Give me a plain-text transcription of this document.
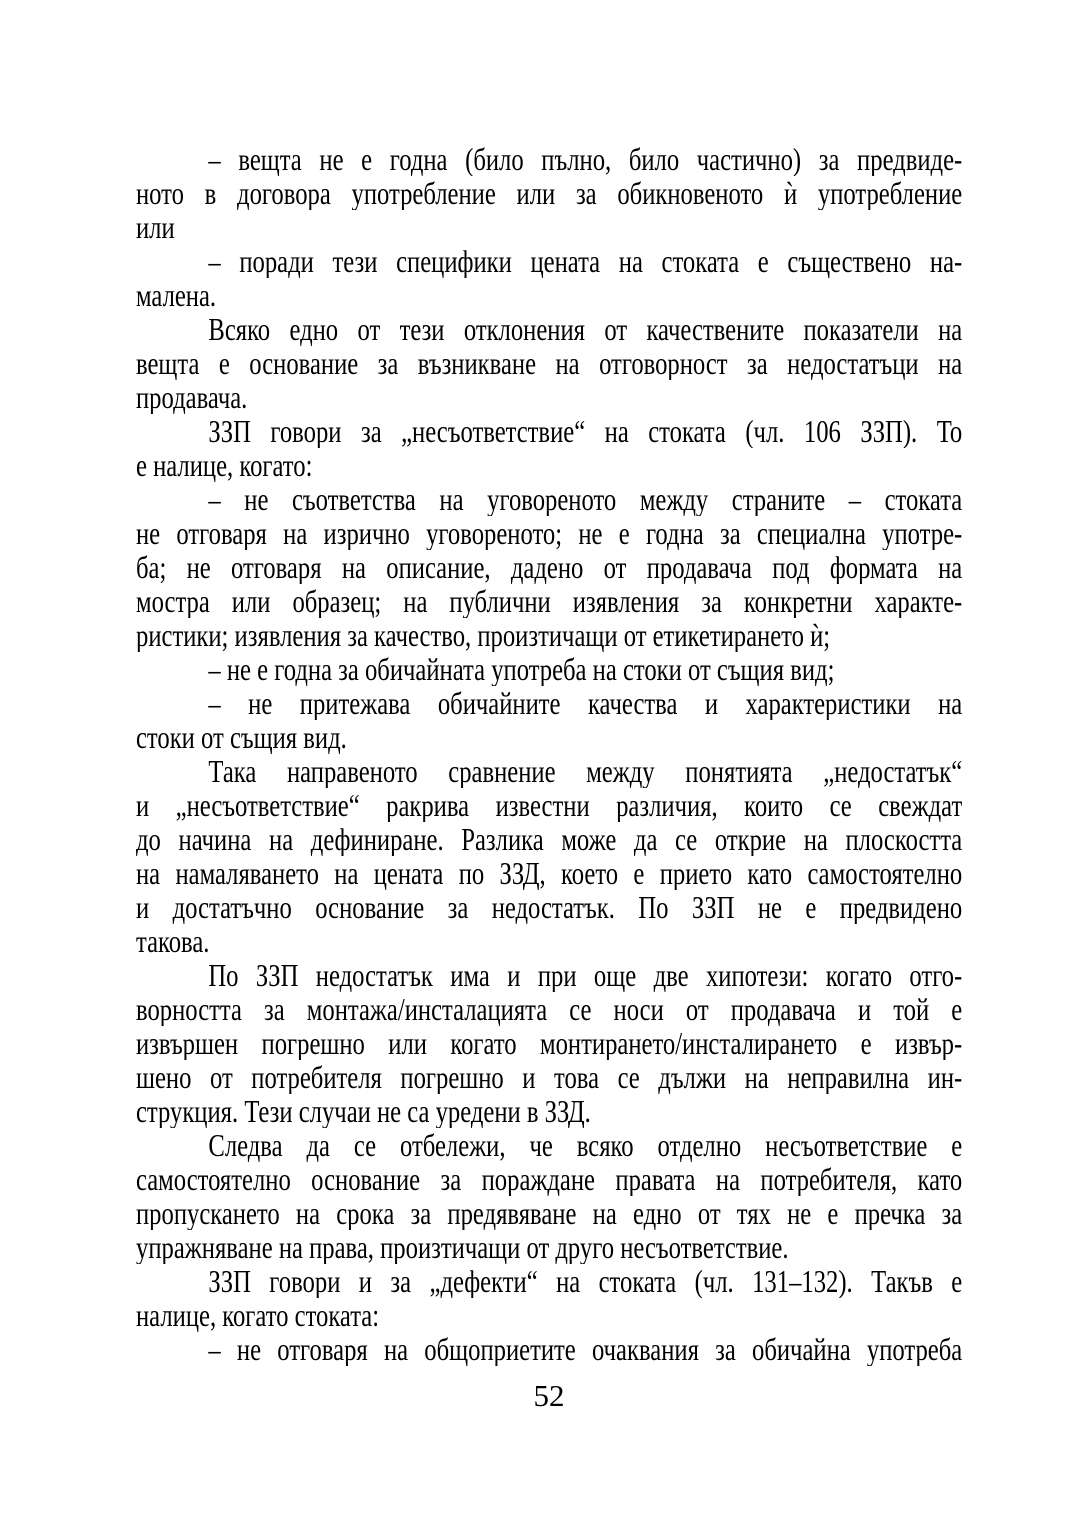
– вещта не е годна (било пълно, било частично) за предвиде-
ното в договора употребление или за обикновеното ѝ употребление
или
– поради тези специфики цената на стоката е съществено на-
малена.
Всяко едно от тези отклонения от качествените показатели на
вещта е основание за възникване на отговорност за недостатъци на
продавача.
ЗЗП говори за „несъответствие“ на стоката (чл. 106 ЗЗП). То
е налице, когато:
– не съответства на уговореното между страните – стоката
не отговаря на изрично уговореното; не е годна за специална употре-
ба; не отговаря на описание, дадено от продавача под формата на
мостра или образец; на публични изявления за конкретни характе-
ристики; изявления за качество, произтичащи от етикетирането ѝ;
– не е годна за обичайната употреба на стоки от същия вид;
– не притежава обичайните качества и характеристики на
стоки от същия вид.
Така направеното сравнение между понятията „недостатък“
и „несъответствие“ ракрива известни различия, които се свеждат
до начина на дефиниране. Разлика може да се открие на плоскостта
на намаляването на цената по ЗЗД, което е прието като самостоятелно
и достатъчно основание за недостатък. По ЗЗП не е предвидено
такова.
По ЗЗП недостатък има и при още две хипотези: когато отго-
ворността за монтажа/инсталацията се носи от продавача и той е
извършен погрешно или когато монтирането/инсталирането е извър-
шено от потребителя погрешно и това се дължи на неправилна ин-
струкция. Тези случаи не са уредени в ЗЗД.
Следва да се отбележи, че всяко отделно несъответствие е
самостоятелно основание за пораждане правата на потребителя, като
пропускането на срока за предявяване на едно от тях не е пречка за
упражняване на права, произтичащи от друго несъответствие.
ЗЗП говори и за „дефекти“ на стоката (чл. 131–132). Такъв е
налице, когато стоката:
– не отговаря на общоприетите очаквания за обичайна употреба
52
